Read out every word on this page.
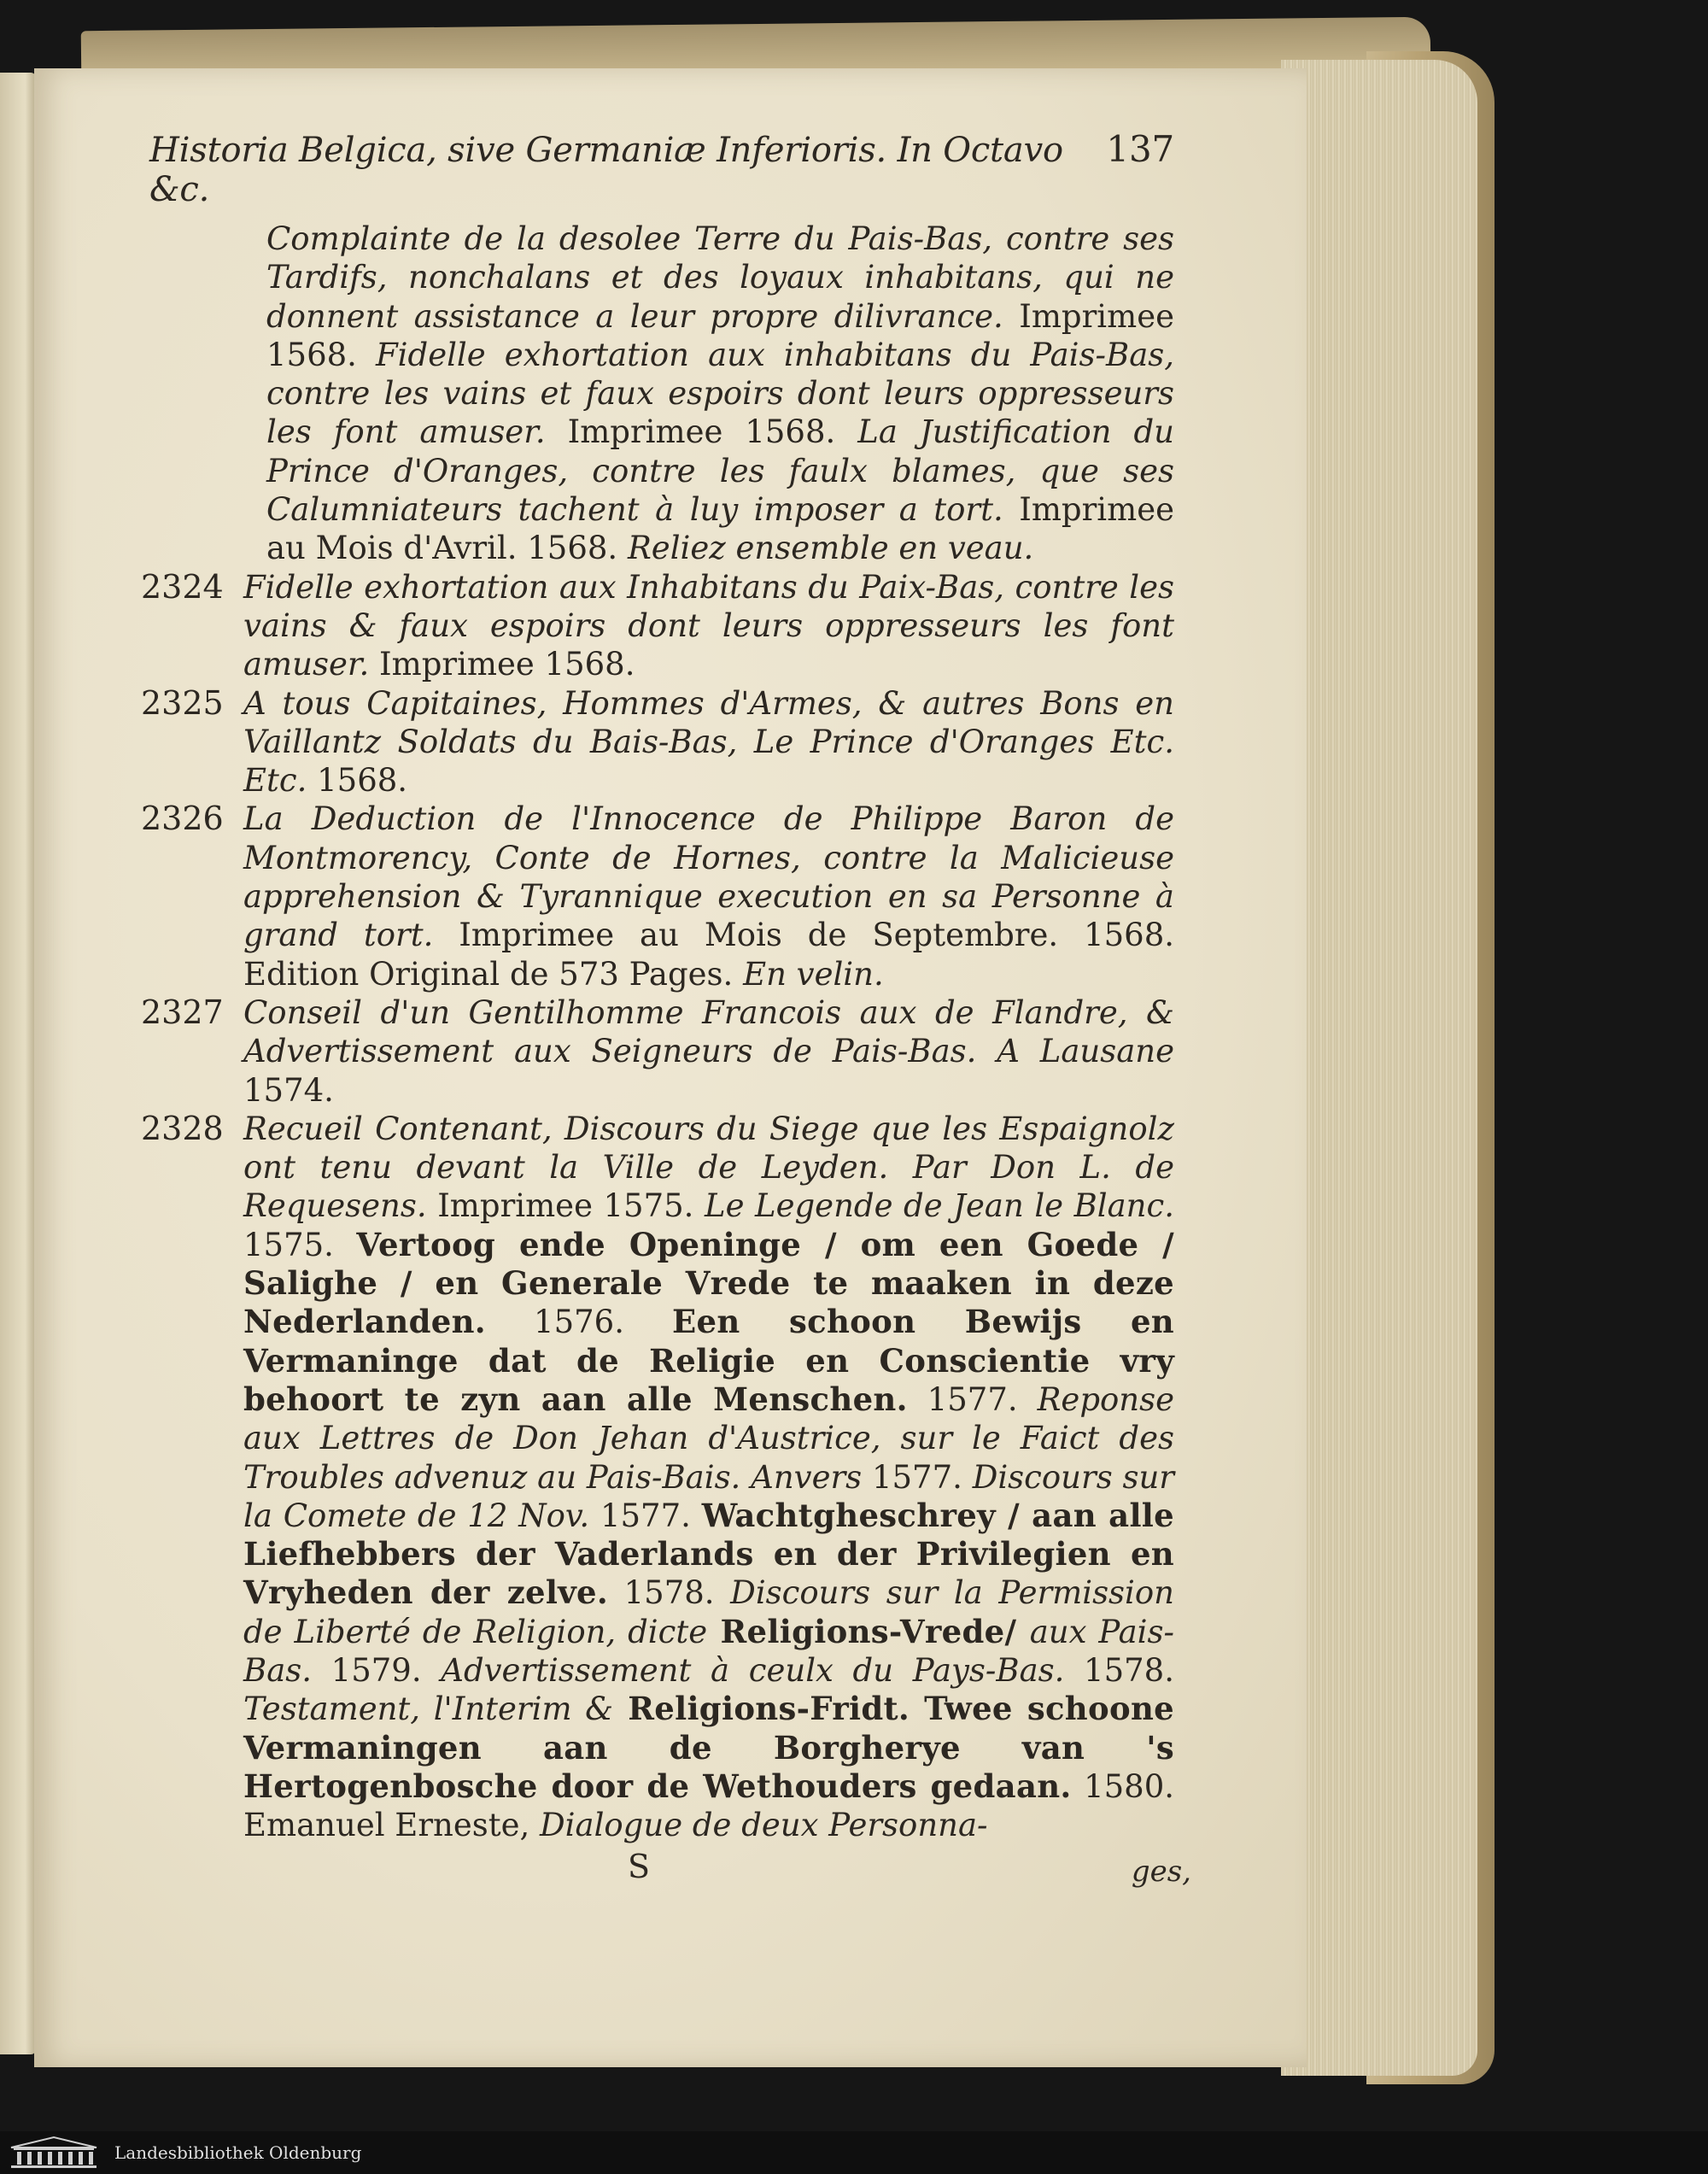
Historia Belgica, sive Germaniæ Inferioris. In Octavo &c.
137
Complainte de la desolee Terre du Pais-Bas, contre ses Tardifs, nonchalans et des loyaux inhabitans, qui ne donnent assistance a leur propre dilivrance. Imprimee 1568. Fidelle exhortation aux inhabitans du Pais-Bas, contre les vains et faux espoirs dont leurs oppresseurs les font amuser. Imprimee 1568. La Justification du Prince d'Oranges, contre les faulx blames, que ses Calumniateurs tachent à luy imposer a tort. Imprimee au Mois d'Avril. 1568. Reliez ensemble en veau.
2324 Fidelle exhortation aux Inhabitans du Paix-Bas, contre les vains & faux espoirs dont leurs oppresseurs les font amuser. Imprimee 1568.
2325 A tous Capitaines, Hommes d'Armes, & autres Bons en Vaillantz Soldats du Bais-Bas, Le Prince d'Oranges Etc. Etc. 1568.
2326 La Deduction de l'Innocence de Philippe Baron de Montmorency, Conte de Hornes, contre la Malicieuse apprehension & Tyrannique execution en sa Personne à grand tort. Imprimee au Mois de Septembre. 1568. Edition Original de 573 Pages. En velin.
2327 Conseil d'un Gentilhomme Francois aux de Flandre, & Advertissement aux Seigneurs de Pais-Bas. A Lausane 1574.
2328 Recueil Contenant, Discours du Siege que les Espaignolz ont tenu devant la Ville de Leyden. Par Don L. de Requesens. Imprimee 1575. Le Legende de Jean le Blanc. 1575. Vertoog ende Openinge / om een Goede / Salighe / en Generale Vrede te maaken in deze Nederlanden. 1576. Een schoon Bewijs en Vermaninge dat de Religie en Conscientie vry behoort te zyn aan alle Menschen. 1577. Reponse aux Lettres de Don Jehan d'Austrice, sur le Faict des Troubles advenuz au Pais-Bais. Anvers 1577. Discours sur la Comete de 12 Nov. 1577. Wachtgheschrey / aan alle Liefhebbers der Vaderlands en der Privilegien en Vryheden der zelve. 1578. Discours sur la Permission de Liberté de Religion, dicte Religions-Vrede/ aux Pais-Bas. 1579. Advertissement à ceulx du Pays-Bas. 1578. Testament, l'Interim & Religions-Fridt. Twee schoone Vermaningen aan de Borgherye van 's Hertogenbosche door de Wethouders gedaan. 1580. Emanuel Erneste, Dialogue de deux Personna-
S	ges,
Landesbibliothek Oldenburg
